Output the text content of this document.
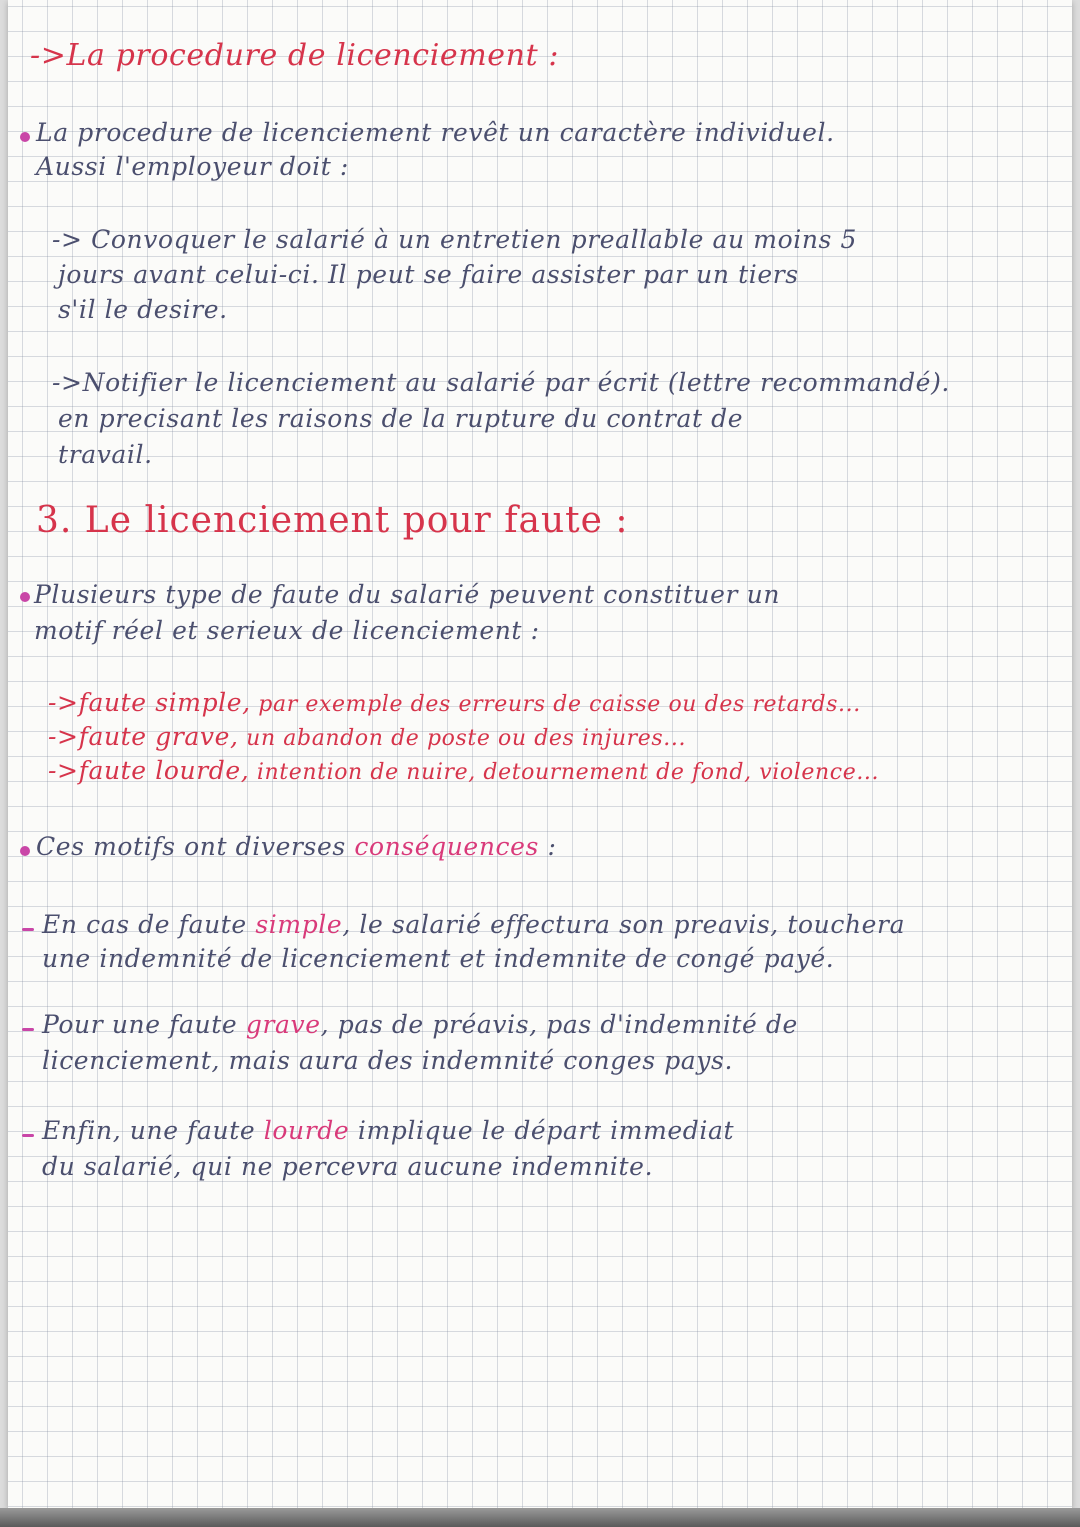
->La procedure de licenciement :
La procedure de licenciement revêt un caractère individuel.
Aussi l'employeur doit :
-> Convoquer le salarié à un entretien preallable au moins 5
jours avant celui-ci. Il peut se faire assister par un tiers
s'il le desire.
->Notifier le licenciement au salarié par écrit (lettre recommandé).
en precisant les raisons de la rupture du contrat de
travail.
3. Le licenciement pour faute :
Plusieurs type de faute du salarié peuvent constituer un
motif réel et serieux de licenciement :
->faute simple, par exemple des erreurs de caisse ou des retards...
->faute grave, un abandon de poste ou des injures...
->faute lourde, intention de nuire, detournement de fond, violence...
Ces motifs ont diverses conséquences :
En cas de faute simple, le salarié effectura son preavis, touchera
une indemnité de licenciement et indemnite de congé payé.
Pour une faute grave, pas de préavis, pas d'indemnité de
licenciement, mais aura des indemnité conges pays.
Enfin, une faute lourde implique le départ immediat
du salarié, qui ne percevra aucune indemnite.
